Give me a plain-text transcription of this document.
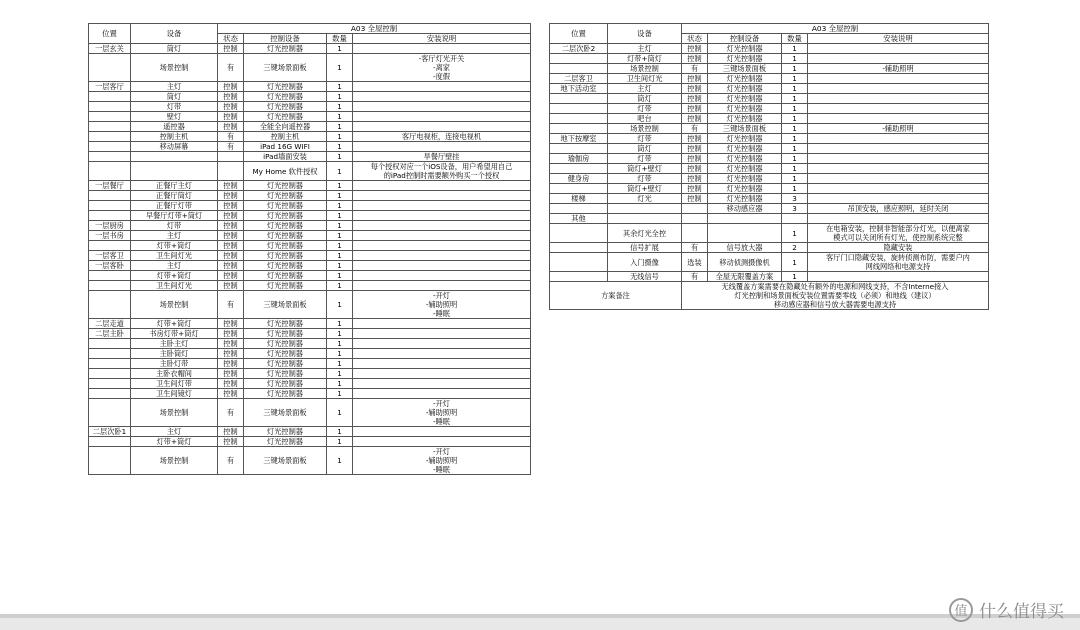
位置	设备	A03 全屋控制			
		状态	控制设备	数量	安装说明
一层玄关	筒灯	控制	灯光控制器	1	
	场景控制	有	三键场景面板	1	-客厅灯光开关
-离家
-度假
一层客厅	主灯	控制	灯光控制器	1	
	筒灯	控制	灯光控制器	1	
	灯带	控制	灯光控制器	1	
	壁灯	控制	灯光控制器	1	
	遥控器	控制	全能全向遥控器	1	
	控制主机	有	控制主机	1	客厅电视柜，连接电视机
	移动屏幕	有	iPad 16G WIFI	1	
			iPad墙面安装	1	旱餐厅壁挂
			My Home 软件授权	1	每个授权对应一个iOS设备，用户希望用自己
的iPad控制时需要额外购买一个授权
一层餐厅	正餐厅主灯	控制	灯光控制器	1	
	正餐厅筒灯	控制	灯光控制器	1	
	正餐厅灯带	控制	灯光控制器	1	
	早餐厅灯带+筒灯	控制	灯光控制器	1	
一层厨房	灯带	控制	灯光控制器	1	
一层书房	主灯	控制	灯光控制器	1	
	灯带+筒灯	控制	灯光控制器	1	
一层客卫	卫生间灯光	控制	灯光控制器	1	
一层客卧	主灯	控制	灯光控制器	1	
	灯带+筒灯	控制	灯光控制器	1	
	卫生间灯光	控制	灯光控制器	1	
	场景控制	有	三键场景面板	1	-开灯
-辅助照明
-睡眠
二层走道	灯带+筒灯	控制	灯光控制器	1	
二层主卧	书房灯带+筒灯	控制	灯光控制器	1	
	主卧主灯	控制	灯光控制器	1	
	主卧筒灯	控制	灯光控制器	1	
	主卧灯带	控制	灯光控制器	1	
	主卧衣帽间	控制	灯光控制器	1	
	卫生间灯带	控制	灯光控制器	1	
	卫生间镜灯	控制	灯光控制器	1	
	场景控制	有	三键场景面板	1	-开灯
-辅助照明
-睡眠
二层次卧1	主灯	控制	灯光控制器	1	
	灯带+筒灯	控制	灯光控制器	1	
	场景控制	有	三键场景面板	1	-开灯
-辅助照明
-睡眠
位置	设备	A03 全屋控制			
		状态	控制设备	数量	安装说明
二层次卧2	主灯	控制	灯光控制器	1	
	灯带+筒灯	控制	灯光控制器	1	
	场景控制	有	三键场景面板	1	-辅助照明
二层客卫	卫生间灯光	控制	灯光控制器	1	
地下活动室	主灯	控制	灯光控制器	1	
	筒灯	控制	灯光控制器	1	
	灯带	控制	灯光控制器	1	
	吧台	控制	灯光控制器	1	
	场景控制	有	三键场景面板	1	-辅助照明
地下按摩室	灯带	控制	灯光控制器	1	
	筒灯	控制	灯光控制器	1	
瑜伽房	灯带	控制	灯光控制器	1	
	筒灯+壁灯	控制	灯光控制器	1	
健身房	灯带	控制	灯光控制器	1	
	筒灯+壁灯	控制	灯光控制器	1	
楼梯	灯光	控制	灯光控制器	3	
			移动感应器	3	吊顶安装，感应照明，延时关闭
其他					
	其余灯光全控			1	在电箱安装，控制非智能部分灯光，以便离家
模式可以关闭所有灯光，使控制系统完整
	信号扩展	有	信号放大器	2	隐藏安装
	入门摄像	选装	移动侦测摄像机	1	客厅门口隐藏安装，旋转侦测布防，需要户内
网线网络和电源支持
	无线信号	有	全屋无限覆盖方案	1	
方案备注		无线覆盖方案需要在隐藏处有额外的电源和网线支持，不含Interne接入
灯光控制和场景面板安装位置需要零线（必须）和地线（建议）
移动感应器和信号放大器需要电源支持			
值 什么值得买
